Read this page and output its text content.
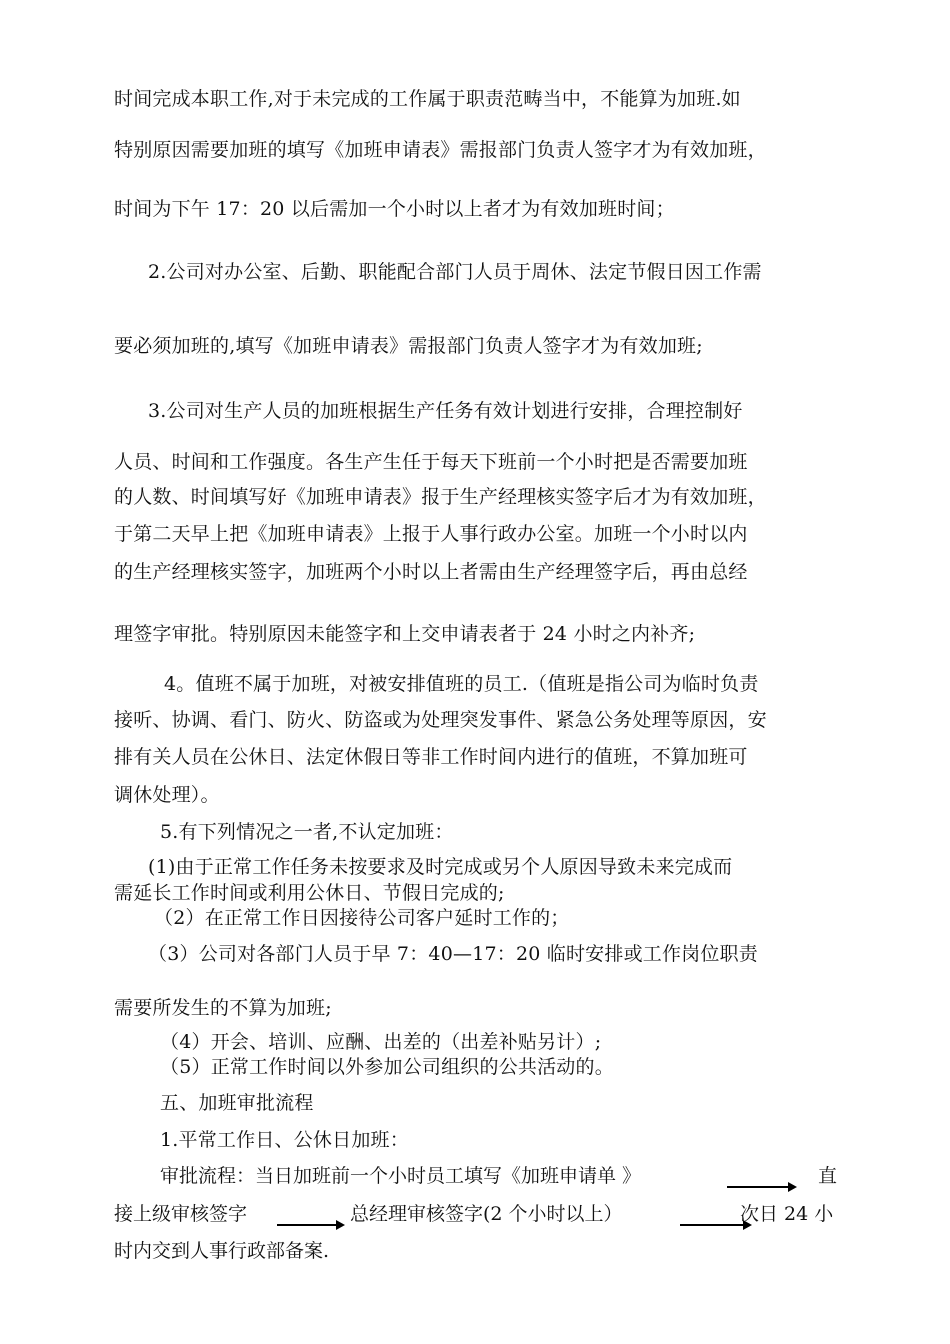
时间完成本职工作,对于未完成的工作属于职责范畴当中，不能算为加班.如
特别原因需要加班的填写《加班申请表》需报部门负责人签字才为有效加班，
时间为下午 17：20 以后需加一个小时以上者才为有效加班时间；
2.公司对办公室、后勤、职能配合部门人员于周休、法定节假日因工作需
要必须加班的,填写《加班申请表》需报部门负责人签字才为有效加班;
3.公司对生产人员的加班根据生产任务有效计划进行安排，合理控制好
人员、时间和工作强度。各生产生任于每天下班前一个小时把是否需要加班
的人数、时间填写好《加班申请表》报于生产经理核实签字后才为有效加班，
于第二天早上把《加班申请表》上报于人事行政办公室。加班一个小时以内
的生产经理核实签字，加班两个小时以上者需由生产经理签字后，再由总经
理签字审批。特别原因未能签字和上交申请表者于 24 小时之内补齐;
4。值班不属于加班，对被安排值班的员工.（值班是指公司为临时负责
接听、协调、看门、防火、防盗或为处理突发事件、紧急公务处理等原因，安
排有关人员在公休日、法定休假日等非工作时间内进行的值班，不算加班可
调休处理）。
5.有下列情况之一者,不认定加班：
(1)由于正常工作任务未按要求及时完成或另个人原因导致未来完成而
需延长工作时间或利用公休日、节假日完成的;
（2）在正常工作日因接待公司客户延时工作的；
（3）公司对各部门人员于早 7：40—17：20 临时安排或工作岗位职责
需要所发生的不算为加班;
（4）开会、培训、应酬、出差的（出差补贴另计）;
（5）正常工作时间以外参加公司组织的公共活动的。
五、加班审批流程
1.平常工作日、公休日加班：
审批流程：当日加班前一个小时员工填写《加班申请单 》	直
接上级审核签字	总经理审核签字(2 个小时以上）	次日 24 小
时内交到人事行政部备案.
